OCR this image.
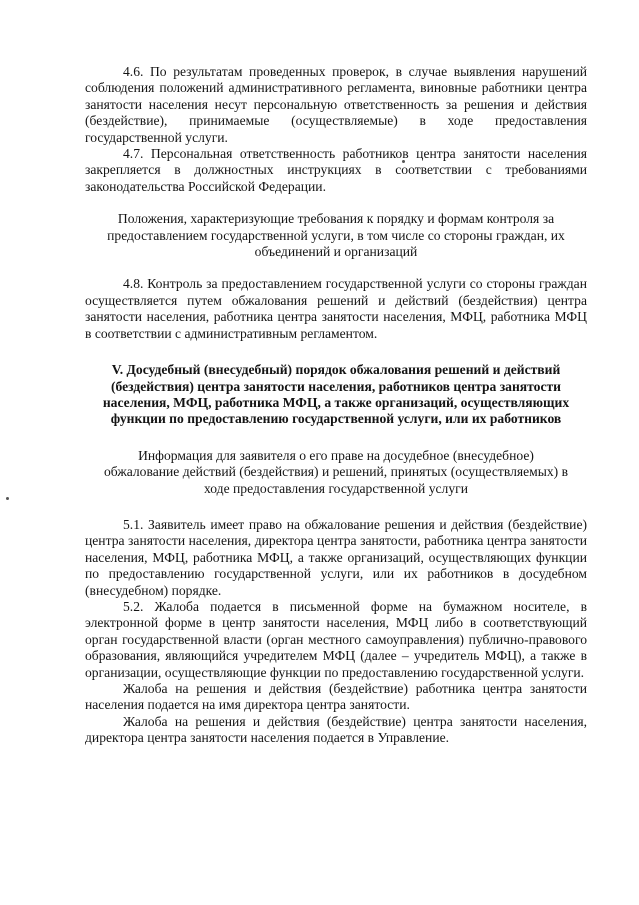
4.6. По результатам проведенных проверок, в случае выявления нарушений соблюдения положений административного регламента, виновные работники центра занятости населения несут персональную ответственность за решения и действия (бездействие), принимаемые (осуществляемые) в ходе предоставления государственной услуги.

4.7. Персональная ответственность работников центра занятости населения закрепляется в должностных инструкциях в соответствии с требованиями законодательства Российской Федерации.

Положения, характеризующие требования к порядку и формам контроля за предоставлением государственной услуги, в том числе со стороны граждан, их объединений и организаций

4.8. Контроль за предоставлением государственной услуги со стороны граждан осуществляется путем обжалования решений и действий (бездействия) центра занятости населения, работника центра занятости населения, МФЦ, работника МФЦ в соответствии с административным регламентом.

V. Досудебный (внесудебный) порядок обжалования решений и действий (бездействия) центра занятости населения, работников центра занятости населения, МФЦ, работника МФЦ, а также организаций, осуществляющих функции по предоставлению государственной услуги, или их работников

Информация для заявителя о его праве на досудебное (внесудебное) обжалование действий (бездействия) и решений, принятых (осуществляемых) в ходе предоставления государственной услуги

5.1. Заявитель имеет право на обжалование решения и действия (бездействие) центра занятости населения, директора центра занятости, работника центра занятости населения, МФЦ, работника МФЦ, а также организаций, осуществляющих функции по предоставлению государственной услуги, или их работников в досудебном (внесудебном) порядке.

5.2. Жалоба подается в письменной форме на бумажном носителе, в электронной форме в центр занятости населения, МФЦ либо в соответствующий орган государственной власти (орган местного самоуправления) публично-правового образования, являющийся учредителем МФЦ (далее – учредитель МФЦ), а также в организации, осуществляющие функции по предоставлению государственной услуги.

Жалоба на решения и действия (бездействие) работника центра занятости населения подается на имя директора центра занятости.

Жалоба на решения и действия (бездействие) центра занятости населения, директора центра занятости населения подается в Управление.
